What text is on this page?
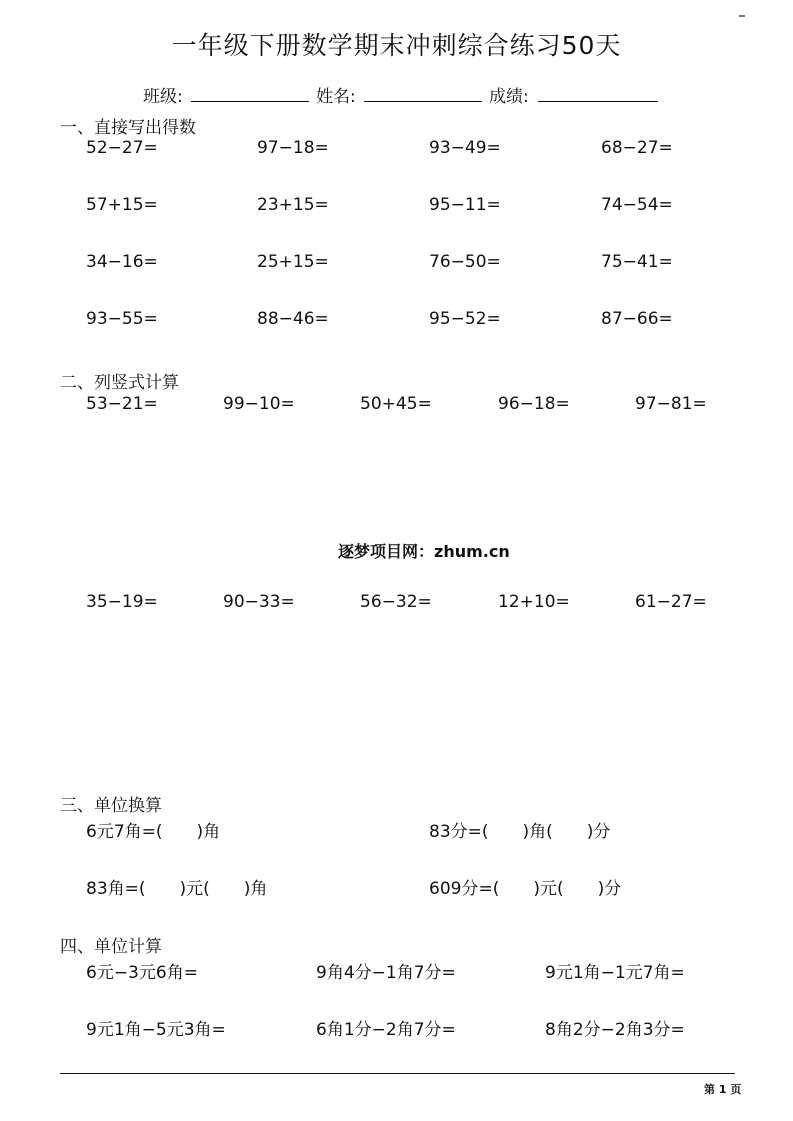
一年级下册数学期末冲刺综合练习50天
班级:	姓名:	成绩:
一、直接写出得数
52−27=	97−18=	93−49=	68−27=
57+15=	23+15=	95−11=	74−54=
34−16=	25+15=	76−50=	75−41=
93−55=	88−46=	95−52=	87−66=
二、列竖式计算
53−21=	99−10=	50+45=	96−18=	97−81=
逐梦项目网：zhum.cn
35−19=	90−33=	56−32=	12+10=	61−27=
三、单位换算
6元7角=(　　)角	83分=(　　)角(　　)分
83角=(　　)元(　　)角	609分=(　　)元(　　)分
四、单位计算
6元−3元6角=	9角4分−1角7分=	9元1角−1元7角=
9元1角−5元3角=	6角1分−2角7分=	8角2分−2角3分=
第 1 页
